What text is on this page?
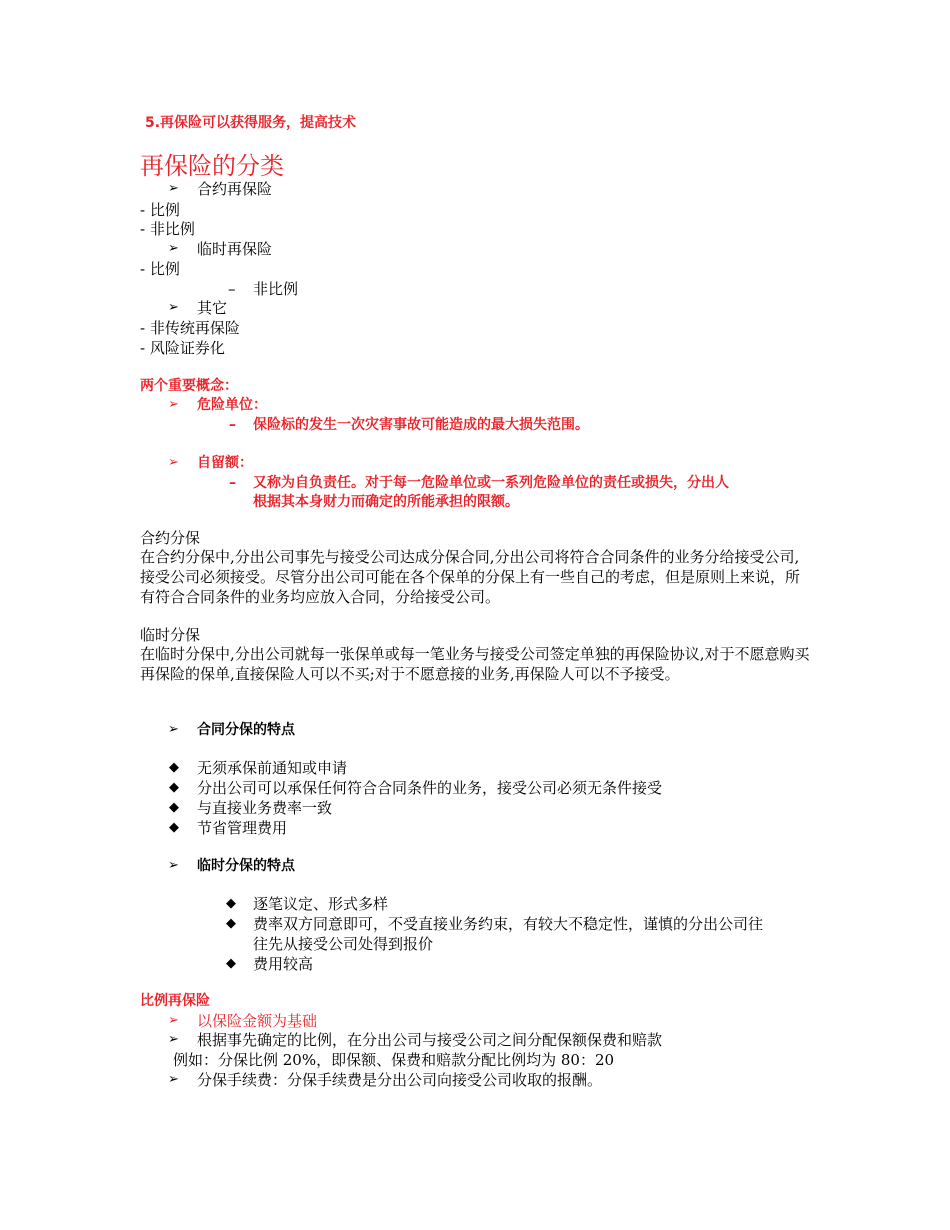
5.再保险可以获得服务，提高技术
再保险的分类
➢ 合约再保险
- 比例
- 非比例
➢ 临时再保险
- 比例
– 非比例
➢ 其它
- 非传统再保险
- 风险证券化
两个重要概念：
➢ 危险单位：
– 保险标的发生一次灾害事故可能造成的最大损失范围。
➢ 自留额：
– 又称为自负责任。对于每一危险单位或一系列危险单位的责任或损失，分出人
根据其本身财力而确定的所能承担的限额。
合约分保
在合约分保中,分出公司事先与接受公司达成分保合同,分出公司将符合合同条件的业务分给接受公司,接受公司必须接受。尽管分出公司可能在各个保单的分保上有一些自己的考虑，但是原则上来说，所有符合合同条件的业务均应放入合同，分给接受公司。
临时分保
在临时分保中,分出公司就每一张保单或每一笔业务与接受公司签定单独的再保险协议,对于不愿意购买再保险的保单,直接保险人可以不买;对于不愿意接的业务,再保险人可以不予接受。
➢ 合同分保的特点
◆ 无须承保前通知或申请
◆ 分出公司可以承保任何符合合同条件的业务，接受公司必须无条件接受
◆ 与直接业务费率一致
◆ 节省管理费用
➢ 临时分保的特点
◆ 逐笔议定、形式多样
◆ 费率双方同意即可，不受直接业务约束，有较大不稳定性，谨慎的分出公司往
往先从接受公司处得到报价
◆ 费用较高
比例再保险
➢ 以保险金额为基础
➢ 根据事先确定的比例，在分出公司与接受公司之间分配保额保费和赔款
例如：分保比例 20%，即保额、保费和赔款分配比例均为 80：20
➢ 分保手续费：分保手续费是分出公司向接受公司收取的报酬。
